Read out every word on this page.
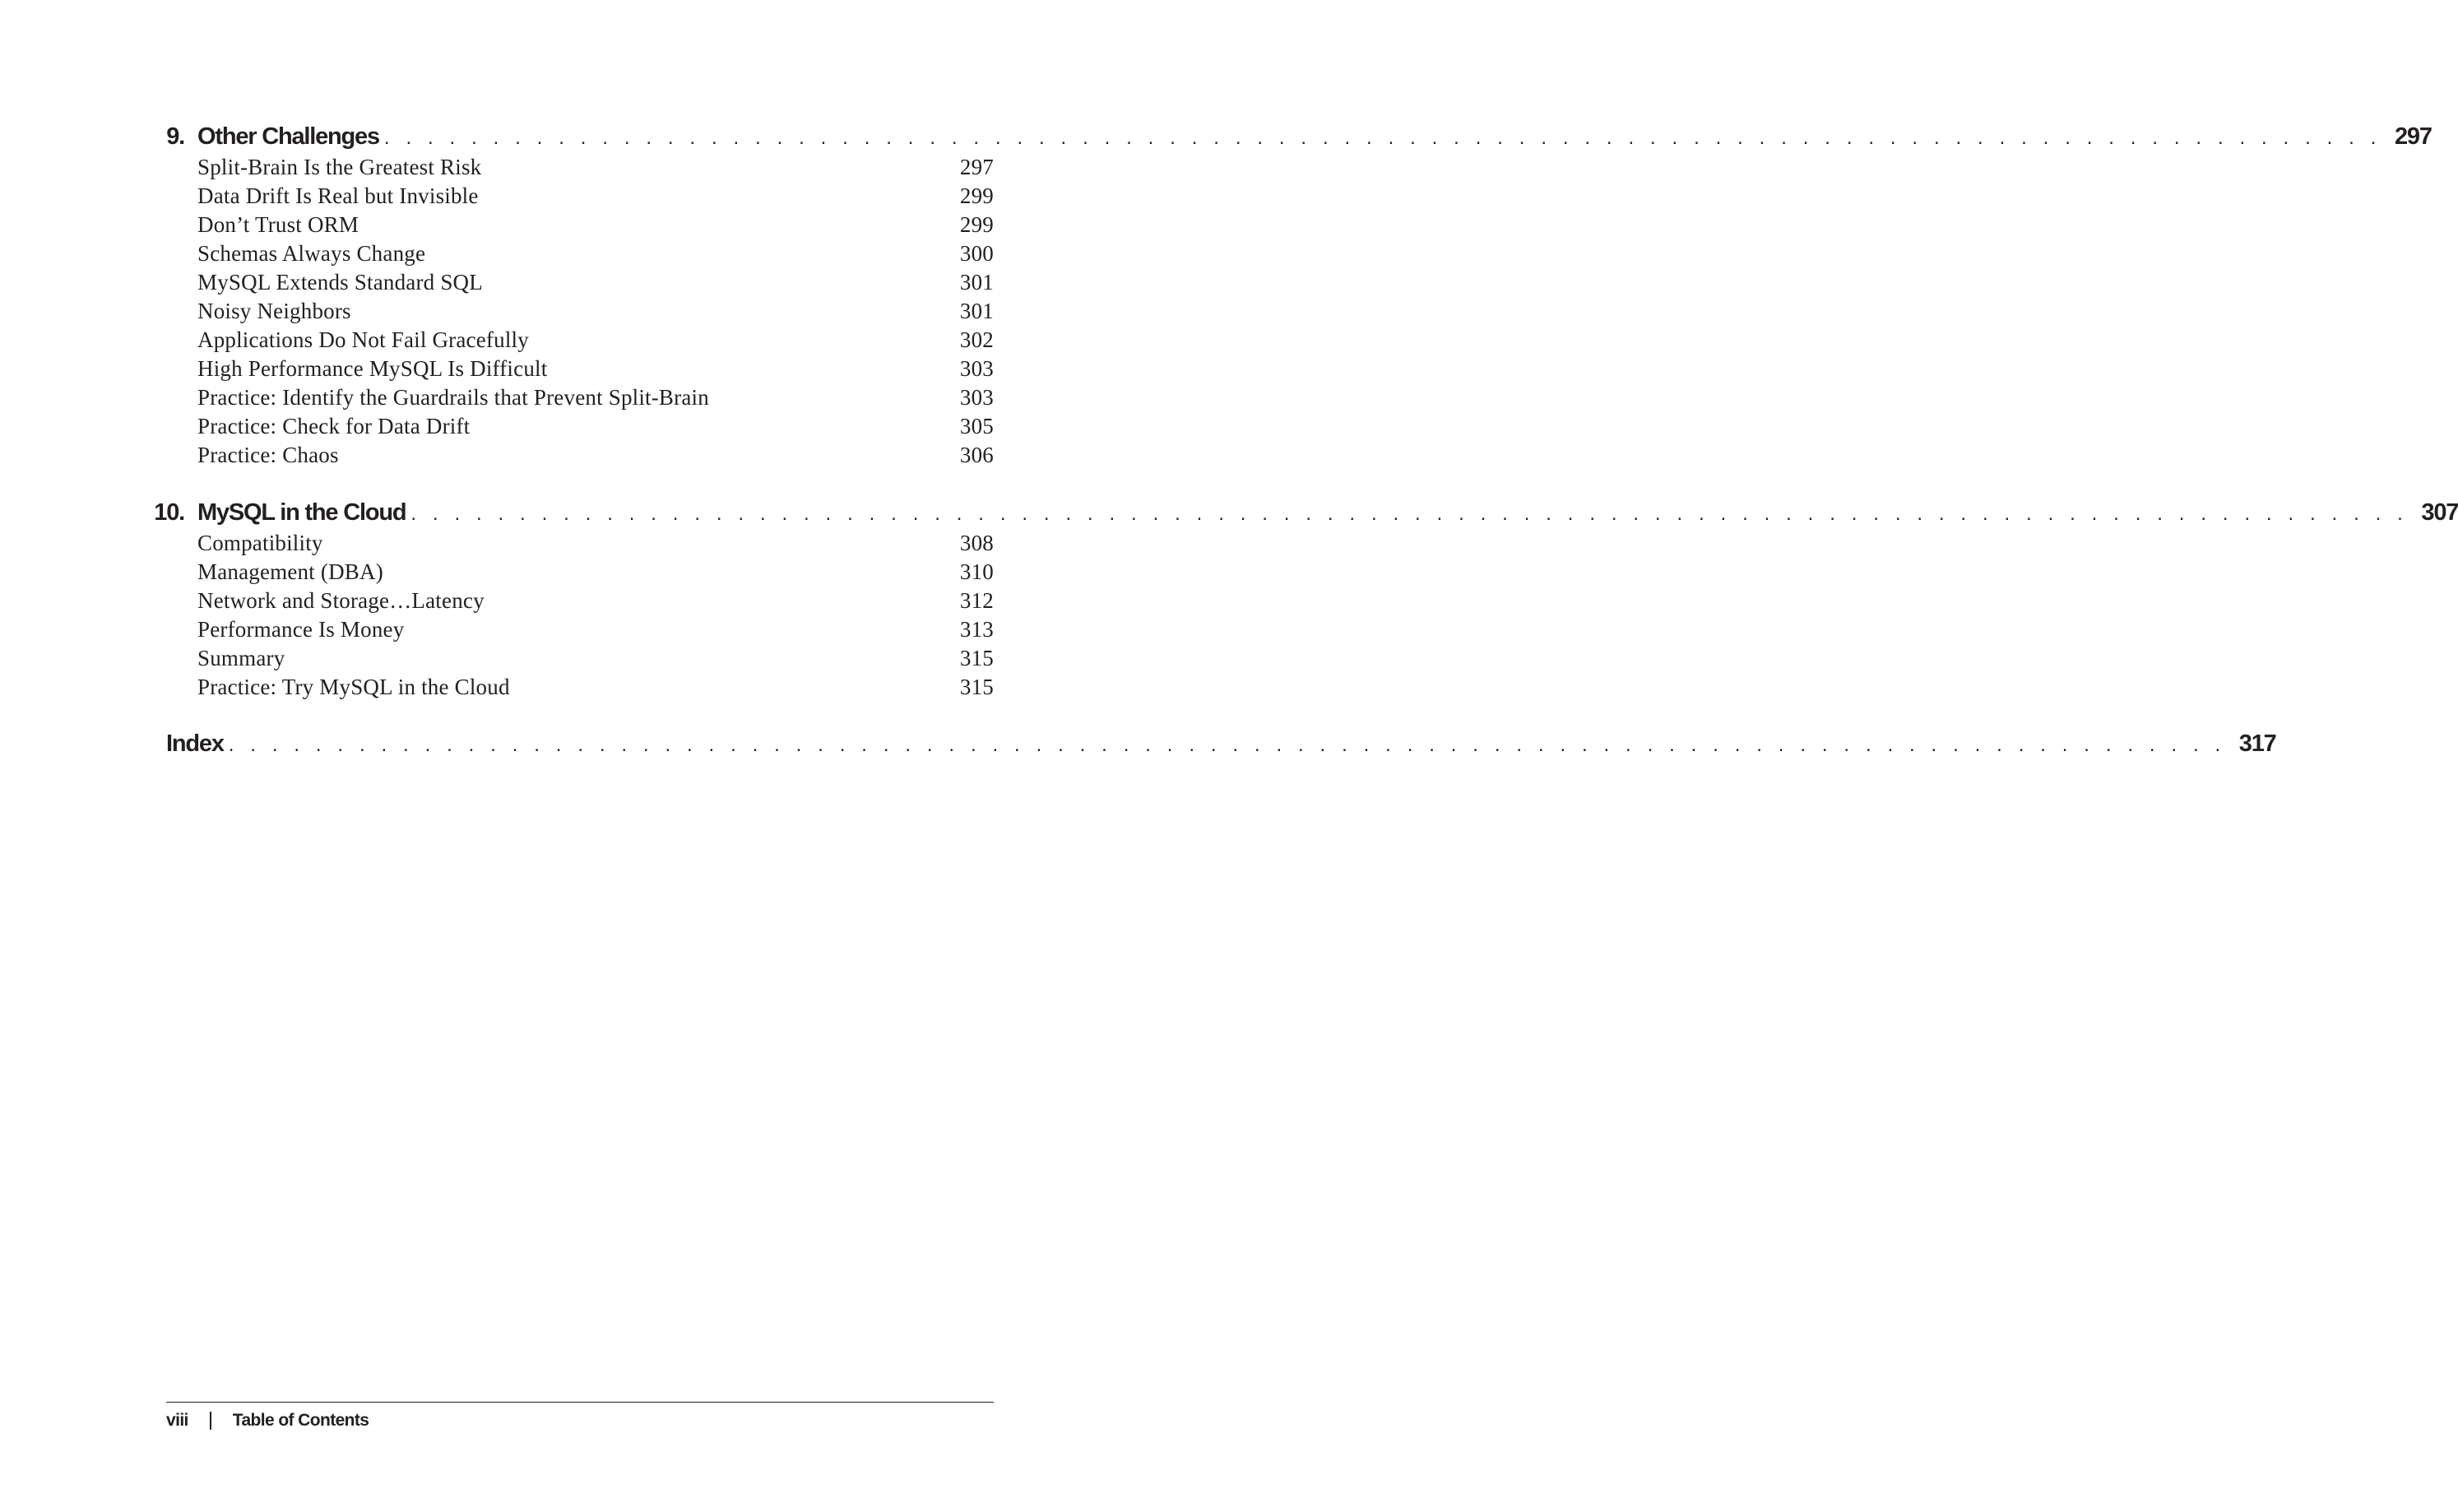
9. Other Challenges . . . . . . . . . . . . . . . . . . . . . . . . . . . . . . . . . . . . . . . . . . . . . . . . . . . . . . . . . . . . . . . . . . . . . . . . . . . . . . . . . . . . . . . . . . . . 297
Split-Brain Is the Greatest Risk	297
Data Drift Is Real but Invisible	299
Don’t Trust ORM	299
Schemas Always Change	300
MySQL Extends Standard SQL	301
Noisy Neighbors	301
Applications Do Not Fail Gracefully	302
High Performance MySQL Is Difficult	303
Practice: Identify the Guardrails that Prevent Split-Brain	303
Practice: Check for Data Drift	305
Practice: Chaos	306
10. MySQL in the Cloud . . . . . . . . . . . . . . . . . . . . . . . . . . . . . . . . . . . . . . . . . . . . . . . . . . . . . . . . . . . . . . . . . . . . . . . . . . . . . . . . . . . . . . . . . . . . 307
Compatibility	308
Management (DBA)	310
Network and Storage…Latency	312
Performance Is Money	313
Summary	315
Practice: Try MySQL in the Cloud	315
Index . . . . . . . . . . . . . . . . . . . . . . . . . . . . . . . . . . . . . . . . . . . . . . . . . . . . . . . . . . . . . . . . . . . . . . . . . . . . . . . . . . . . . . . . . . . . 317
viii	Table of Contents
